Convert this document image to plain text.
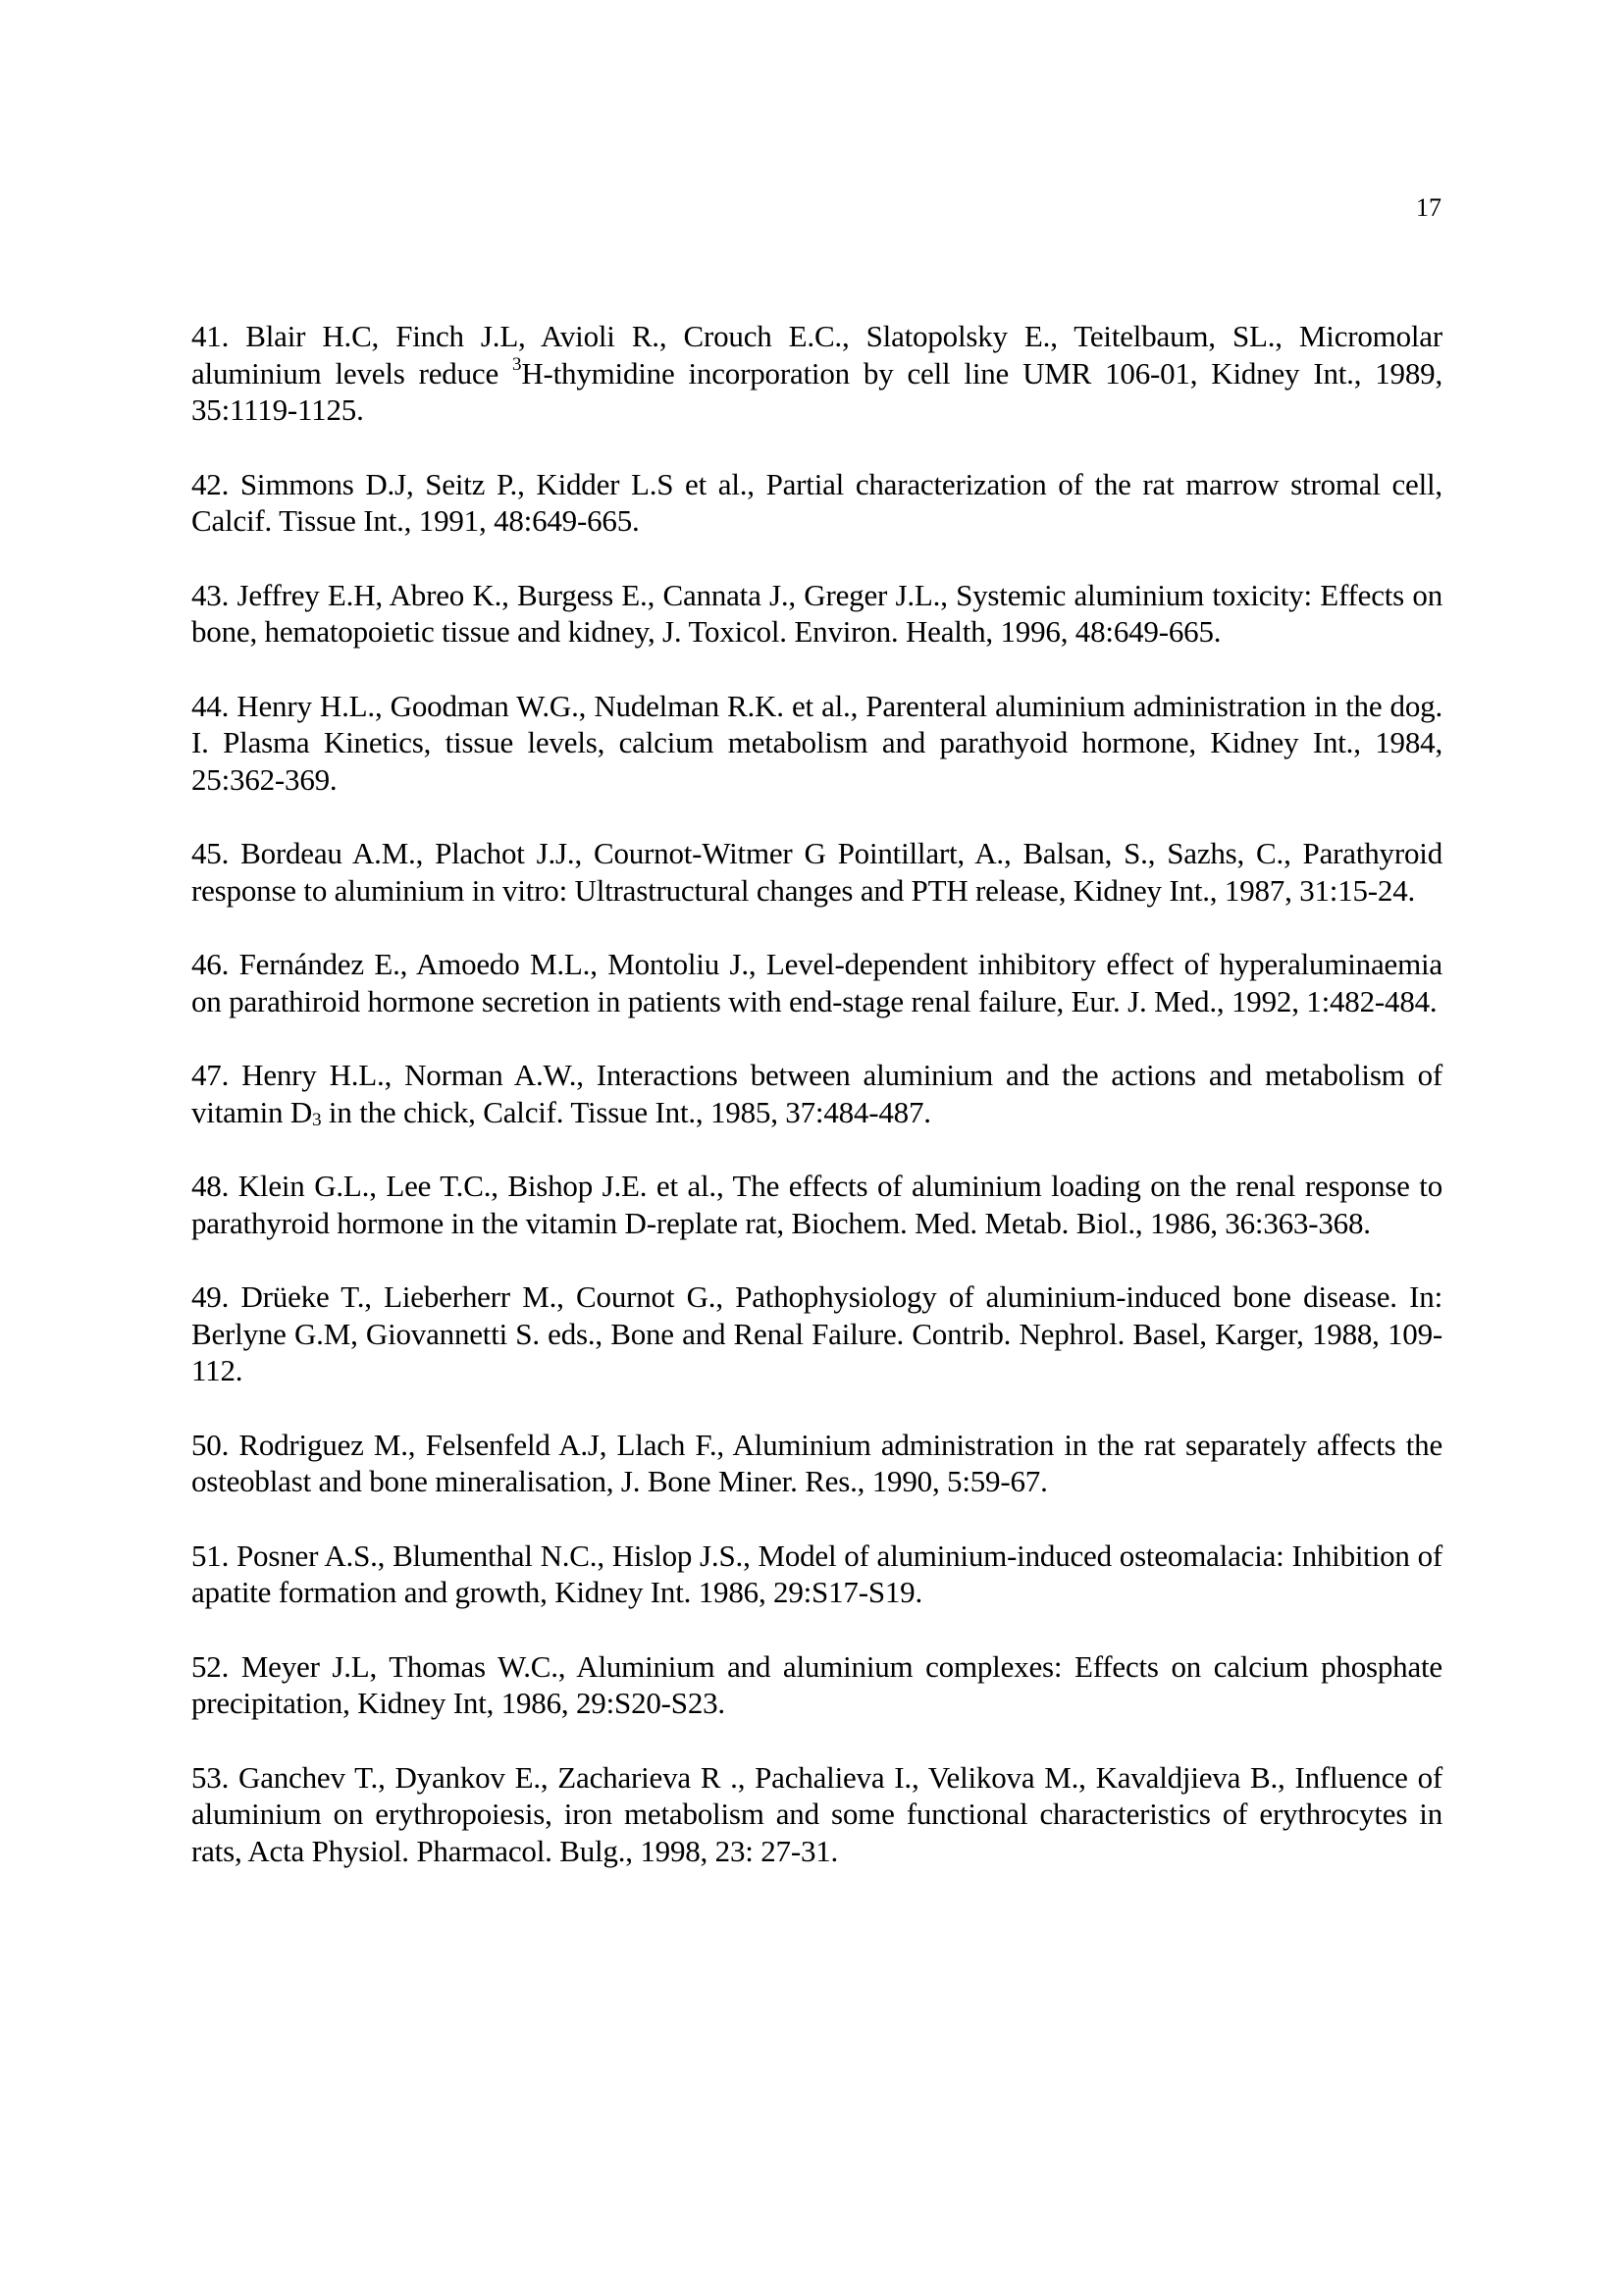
17

41. Blair H.C, Finch J.L, Avioli R., Crouch E.C., Slatopolsky E., Teitelbaum, SL., Micromolar aluminium levels reduce $^3$H-thymidine incorporation by cell line UMR 106-01, Kidney Int., 1989, 35:1119-1125.

42. Simmons D.J, Seitz P., Kidder L.S et al., Partial characterization of the rat marrow stromal cell, Calcif. Tissue Int., 1991, 48:649-665.

43. Jeffrey E.H, Abreo K., Burgess E., Cannata J., Greger J.L., Systemic aluminium toxicity: Effects on bone, hematopoietic tissue and kidney, J. Toxicol. Environ. Health, 1996, 48:649-665.

44. Henry H.L., Goodman W.G., Nudelman R.K. et al., Parenteral aluminium administration in the dog. I. Plasma Kinetics, tissue levels, calcium metabolism and parathyoid hormone, Kidney Int., 1984, 25:362-369.

45. Bordeau A.M., Plachot J.J., Cournot-Witmer G Pointillart, A., Balsan, S., Sazhs, C., Parathyroid response to aluminium in vitro: Ultrastructural changes and PTH release, Kidney Int., 1987, 31:15-24.

46. Fernández E., Amoedo M.L., Montoliu J., Level-dependent inhibitory effect of hyperaluminaemia on parathiroid hormone secretion in patients with end-stage renal failure, Eur. J. Med., 1992, 1:482-484.

47. Henry H.L., Norman A.W., Interactions between aluminium and the actions and metabolism of vitamin $D_3$ in the chick, Calcif. Tissue Int., 1985, 37:484-487.

48. Klein G.L., Lee T.C., Bishop J.E. et al., The effects of aluminium loading on the renal response to parathyroid hormone in the vitamin D-replate rat, Biochem. Med. Metab. Biol., 1986, 36:363-368.

49. Drüeke T., Lieberherr M., Cournot G., Pathophysiology of aluminium-induced bone disease. In: Berlyne G.M, Giovannetti S. eds., Bone and Renal Failure. Contrib. Nephrol. Basel, Karger, 1988, 109-112.

50. Rodriguez M., Felsenfeld A.J, Llach F., Aluminium administration in the rat separately affects the osteoblast and bone mineralisation, J. Bone Miner. Res., 1990, 5:59-67.

51. Posner A.S., Blumenthal N.C., Hislop J.S., Model of aluminium-induced osteomalacia: Inhibition of apatite formation and growth, Kidney Int. 1986, 29:S17-S19.

52. Meyer J.L, Thomas W.C., Aluminium and aluminium complexes: Effects on calcium phosphate precipitation, Kidney Int, 1986, 29:S20-S23.

53. Ganchev T., Dyankov E., Zacharieva R ., Pachalieva I., Velikova M., Kavaldjieva B., Influence of aluminium on erythropoiesis, iron metabolism and some functional characteristics of erythrocytes in rats, Acta Physiol. Pharmacol. Bulg., 1998, 23: 27-31.
